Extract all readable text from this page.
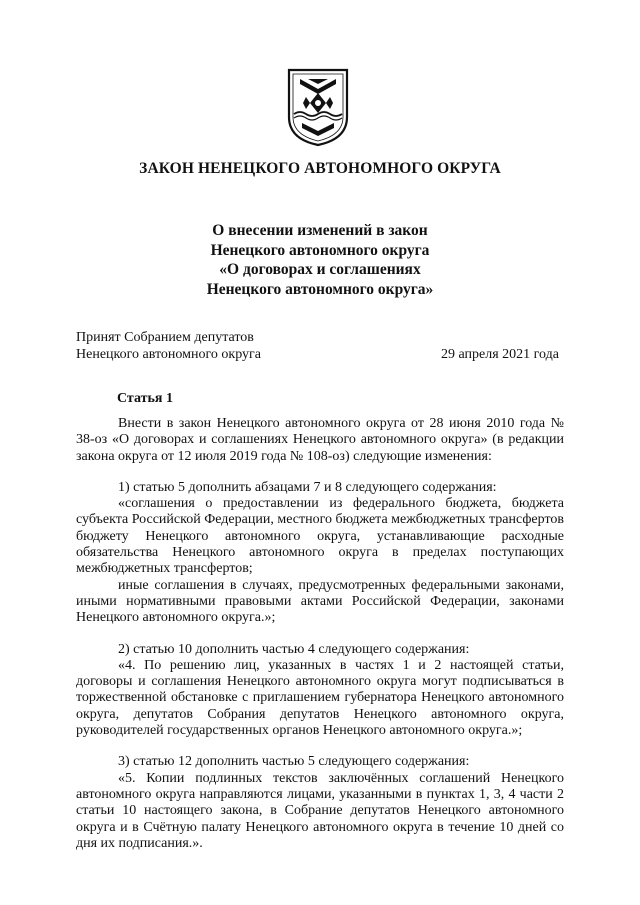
ЗАКОН НЕНЕЦКОГО АВТОНОМНОГО ОКРУГА
О внесении изменений в закон
Ненецкого автономного округа
«О договорах и соглашениях
Ненецкого автономного округа»
Принят Собранием депутатов
Ненецкого автономного округа	29 апреля 2021 года
Статья 1

Внести в закон Ненецкого автономного округа от 28 июня 2010 года № 38-оз «О договорах и соглашениях Ненецкого автономного округа» (в редакции закона округа от 12 июля 2019 года № 108-оз) следующие изменения:

1) статью 5 дополнить абзацами 7 и 8 следующего содержания:

«соглашения о предоставлении из федерального бюджета, бюджета субъекта Российской Федерации, местного бюджета межбюджетных трансфертов бюджету Ненецкого автономного округа, устанавливающие расходные обязательства Ненецкого автономного округа в пределах поступающих межбюджетных трансфертов;

иные соглашения в случаях, предусмотренных федеральными законами, иными нормативными правовыми актами Российской Федерации, законами Ненецкого автономного округа.»;

2) статью 10 дополнить частью 4 следующего содержания:

«4. По решению лиц, указанных в частях 1 и 2 настоящей статьи, договоры и соглашения Ненецкого автономного округа могут подписываться в торжественной обстановке с приглашением губернатора Ненецкого автономного округа, депутатов Собрания депутатов Ненецкого автономного округа, руководителей государственных органов Ненецкого автономного округа.»;

3) статью 12 дополнить частью 5 следующего содержания:

«5. Копии подлинных текстов заключённых соглашений Ненецкого автономного округа направляются лицами, указанными в пунктах 1, 3, 4 части 2 статьи 10 настоящего закона, в Собрание депутатов Ненецкого автономного округа и в Счётную палату Ненецкого автономного округа в течение 10 дней со дня их подписания.».
